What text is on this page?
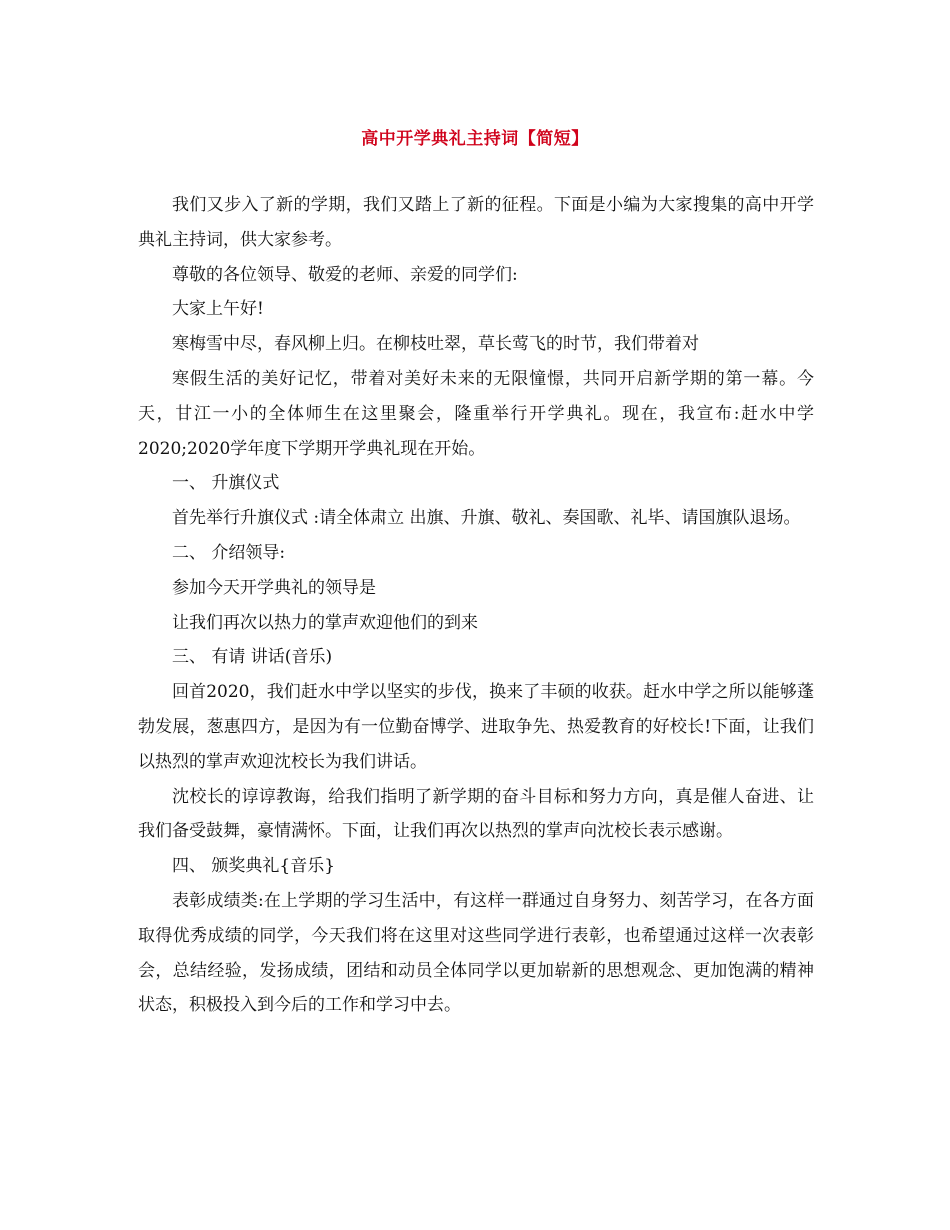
高中开学典礼主持词【简短】

我们又步入了新的学期，我们又踏上了新的征程。下面是小编为大家搜集的高中开学典礼主持词，供大家参考。

尊敬的各位领导、敬爱的老师、亲爱的同学们:

大家上午好!

寒梅雪中尽，春风柳上归。在柳枝吐翠，草长莺飞的时节，我们带着对

寒假生活的美好记忆，带着对美好未来的无限憧憬，共同开启新学期的第一幕。今天，甘江一小的全体师生在这里聚会，隆重举行开学典礼。现在，我宣布:赶水中学2020;2020学年度下学期开学典礼现在开始。

一、 升旗仪式

首先举行升旗仪式 :请全体肃立 出旗、升旗、敬礼、奏国歌、礼毕、请国旗队退场。

二、 介绍领导:

参加今天开学典礼的领导是

让我们再次以热力的掌声欢迎他们的到来

三、 有请 讲话(音乐)

回首2020，我们赶水中学以坚实的步伐，换来了丰硕的收获。赶水中学之所以能够蓬勃发展，葱惠四方，是因为有一位勤奋博学、进取争先、热爱教育的好校长!下面，让我们以热烈的掌声欢迎沈校长为我们讲话。

沈校长的谆谆教诲，给我们指明了新学期的奋斗目标和努力方向，真是催人奋进、让我们备受鼓舞，豪情满怀。下面，让我们再次以热烈的掌声向沈校长表示感谢。

四、 颁奖典礼{音乐}

表彰成绩类:在上学期的学习生活中，有这样一群通过自身努力、刻苦学习，在各方面取得优秀成绩的同学，今天我们将在这里对这些同学进行表彰，也希望通过这样一次表彰会，总结经验，发扬成绩，团结和动员全体同学以更加崭新的思想观念、更加饱满的精神状态，积极投入到今后的工作和学习中去。
